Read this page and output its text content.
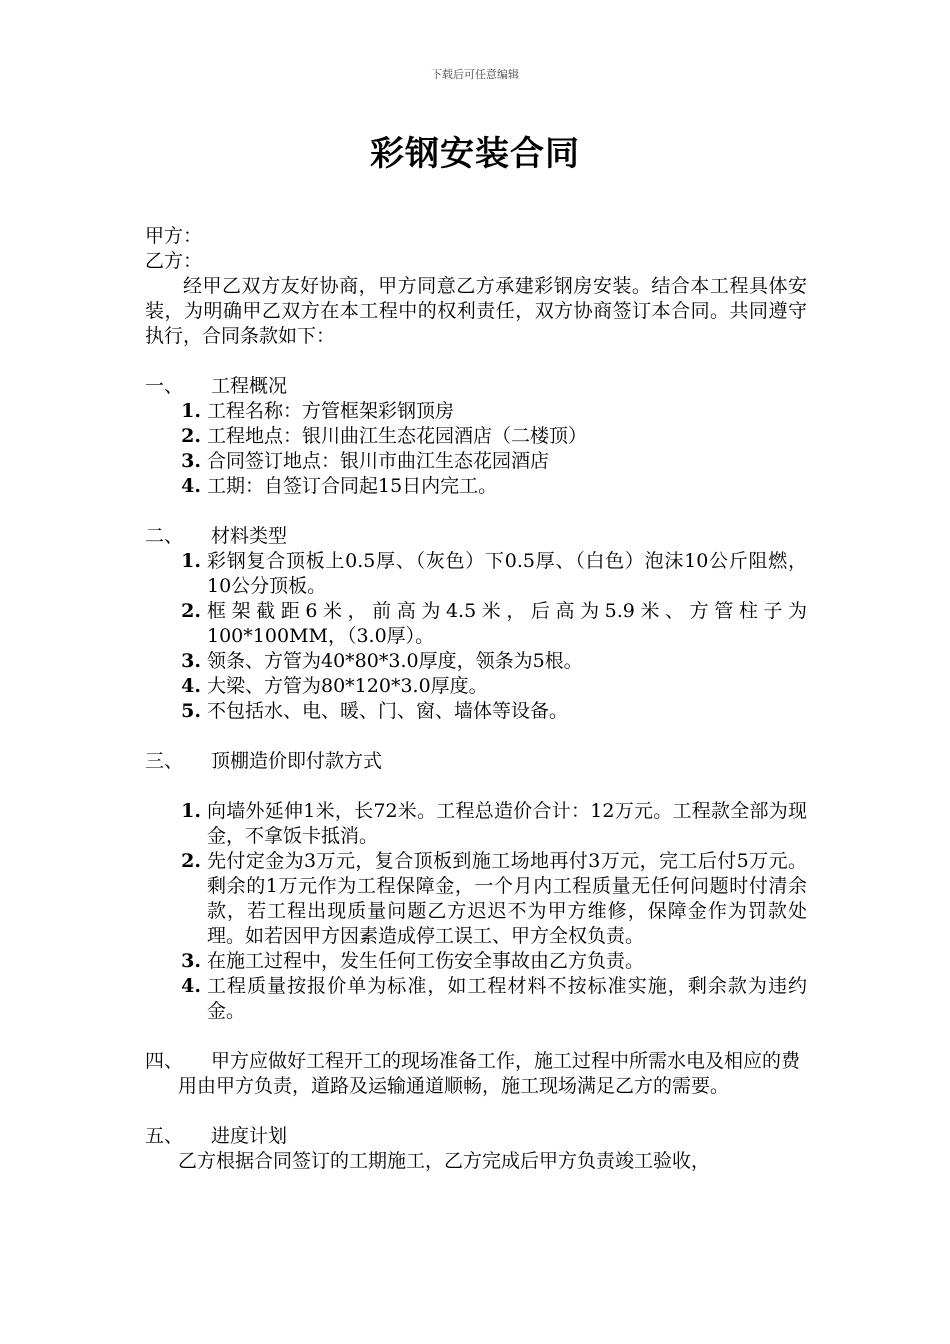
下载后可任意编辑
彩钢安装合同
甲方：
乙方：
经甲乙双方友好协商，甲方同意乙方承建彩钢房安装。结合本工程具体安装，为明确甲乙双方在本工程中的权利责任，双方协商签订本合同。共同遵守执行，合同条款如下：
一、	工程概况
1. 工程名称：方管框架彩钢顶房
2. 工程地点：银川曲江生态花园酒店（二楼顶）
3. 合同签订地点：银川市曲江生态花园酒店
4. 工期：自签订合同起15日内完工。
二、	材料类型
1. 彩钢复合顶板上0.5厚、（灰色）下0.5厚、（白色）泡沫10公斤阻燃，10公分顶板。
2. 框架截距6米，前高为4.5米，后高为5.9米、方管柱子为100*100MM，（3.0厚）。
3. 领条、方管为40*80*3.0厚度，领条为5根。
4. 大梁、方管为80*120*3.0厚度。
5. 不包括水、电、暖、门、窗、墙体等设备。
三、	顶棚造价即付款方式
1. 向墙外延伸1米，长72米。工程总造价合计：12万元。工程款全部为现金，不拿饭卡抵消。
2. 先付定金为3万元，复合顶板到施工场地再付3万元，完工后付5万元。剩余的1万元作为工程保障金，一个月内工程质量无任何问题时付清余款，若工程出现质量问题乙方迟迟不为甲方维修，保障金作为罚款处理。如若因甲方因素造成停工误工、甲方全权负责。
3. 在施工过程中，发生任何工伤安全事故由乙方负责。
4. 工程质量按报价单为标准，如工程材料不按标准实施，剩余款为违约金。
四、 甲方应做好工程开工的现场准备工作，施工过程中所需水电及相应的费用由甲方负责，道路及运输通道顺畅，施工现场满足乙方的需要。
五、	进度计划
乙方根据合同签订的工期施工，乙方完成后甲方负责竣工验收，
